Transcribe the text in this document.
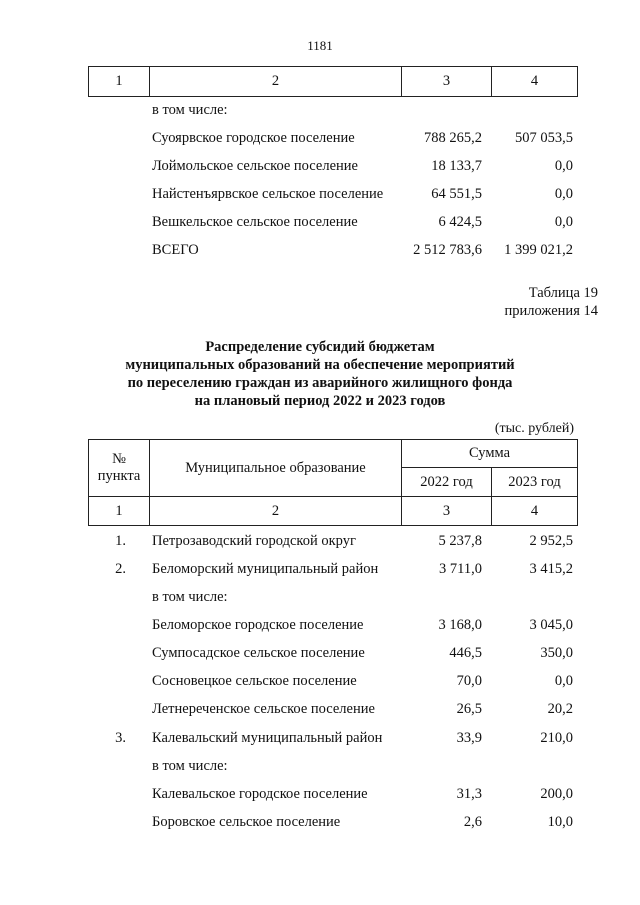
1181
1	2	3	4
в том числе:
Суоярвское городское поселение	788 265,2	507 053,5
Лоймольское сельское поселение	18 133,7	0,0
Найстенъярвское сельское поселение	64 551,5	0,0
Вешкельское сельское поселение	6 424,5	0,0
ВСЕГО	2 512 783,6	1 399 021,2
Таблица 19
приложения 14
Распределение субсидий бюджетам
муниципальных образований на обеспечение мероприятий
по переселению граждан из аварийного жилищного фонда
на плановый период 2022 и 2023 годов
(тыс. рублей)
№
пункта	Муниципальное образование	Сумма	
		2022 год	2023 год
1	2	3	4
1. Петрозаводский городской округ	5 237,8	2 952,5
2. Беломорский муниципальный район	3 711,0	3 415,2
в том числе:
Беломорское городское поселение	3 168,0	3 045,0
Сумпосадское сельское поселение	446,5	350,0
Сосновецкое сельское поселение	70,0	0,0
Летнереченское сельское поселение	26,5	20,2
3. Калевальский муниципальный район	33,9	210,0
в том числе:
Калевальское городское поселение	31,3	200,0
Боровское сельское поселение	2,6	10,0
